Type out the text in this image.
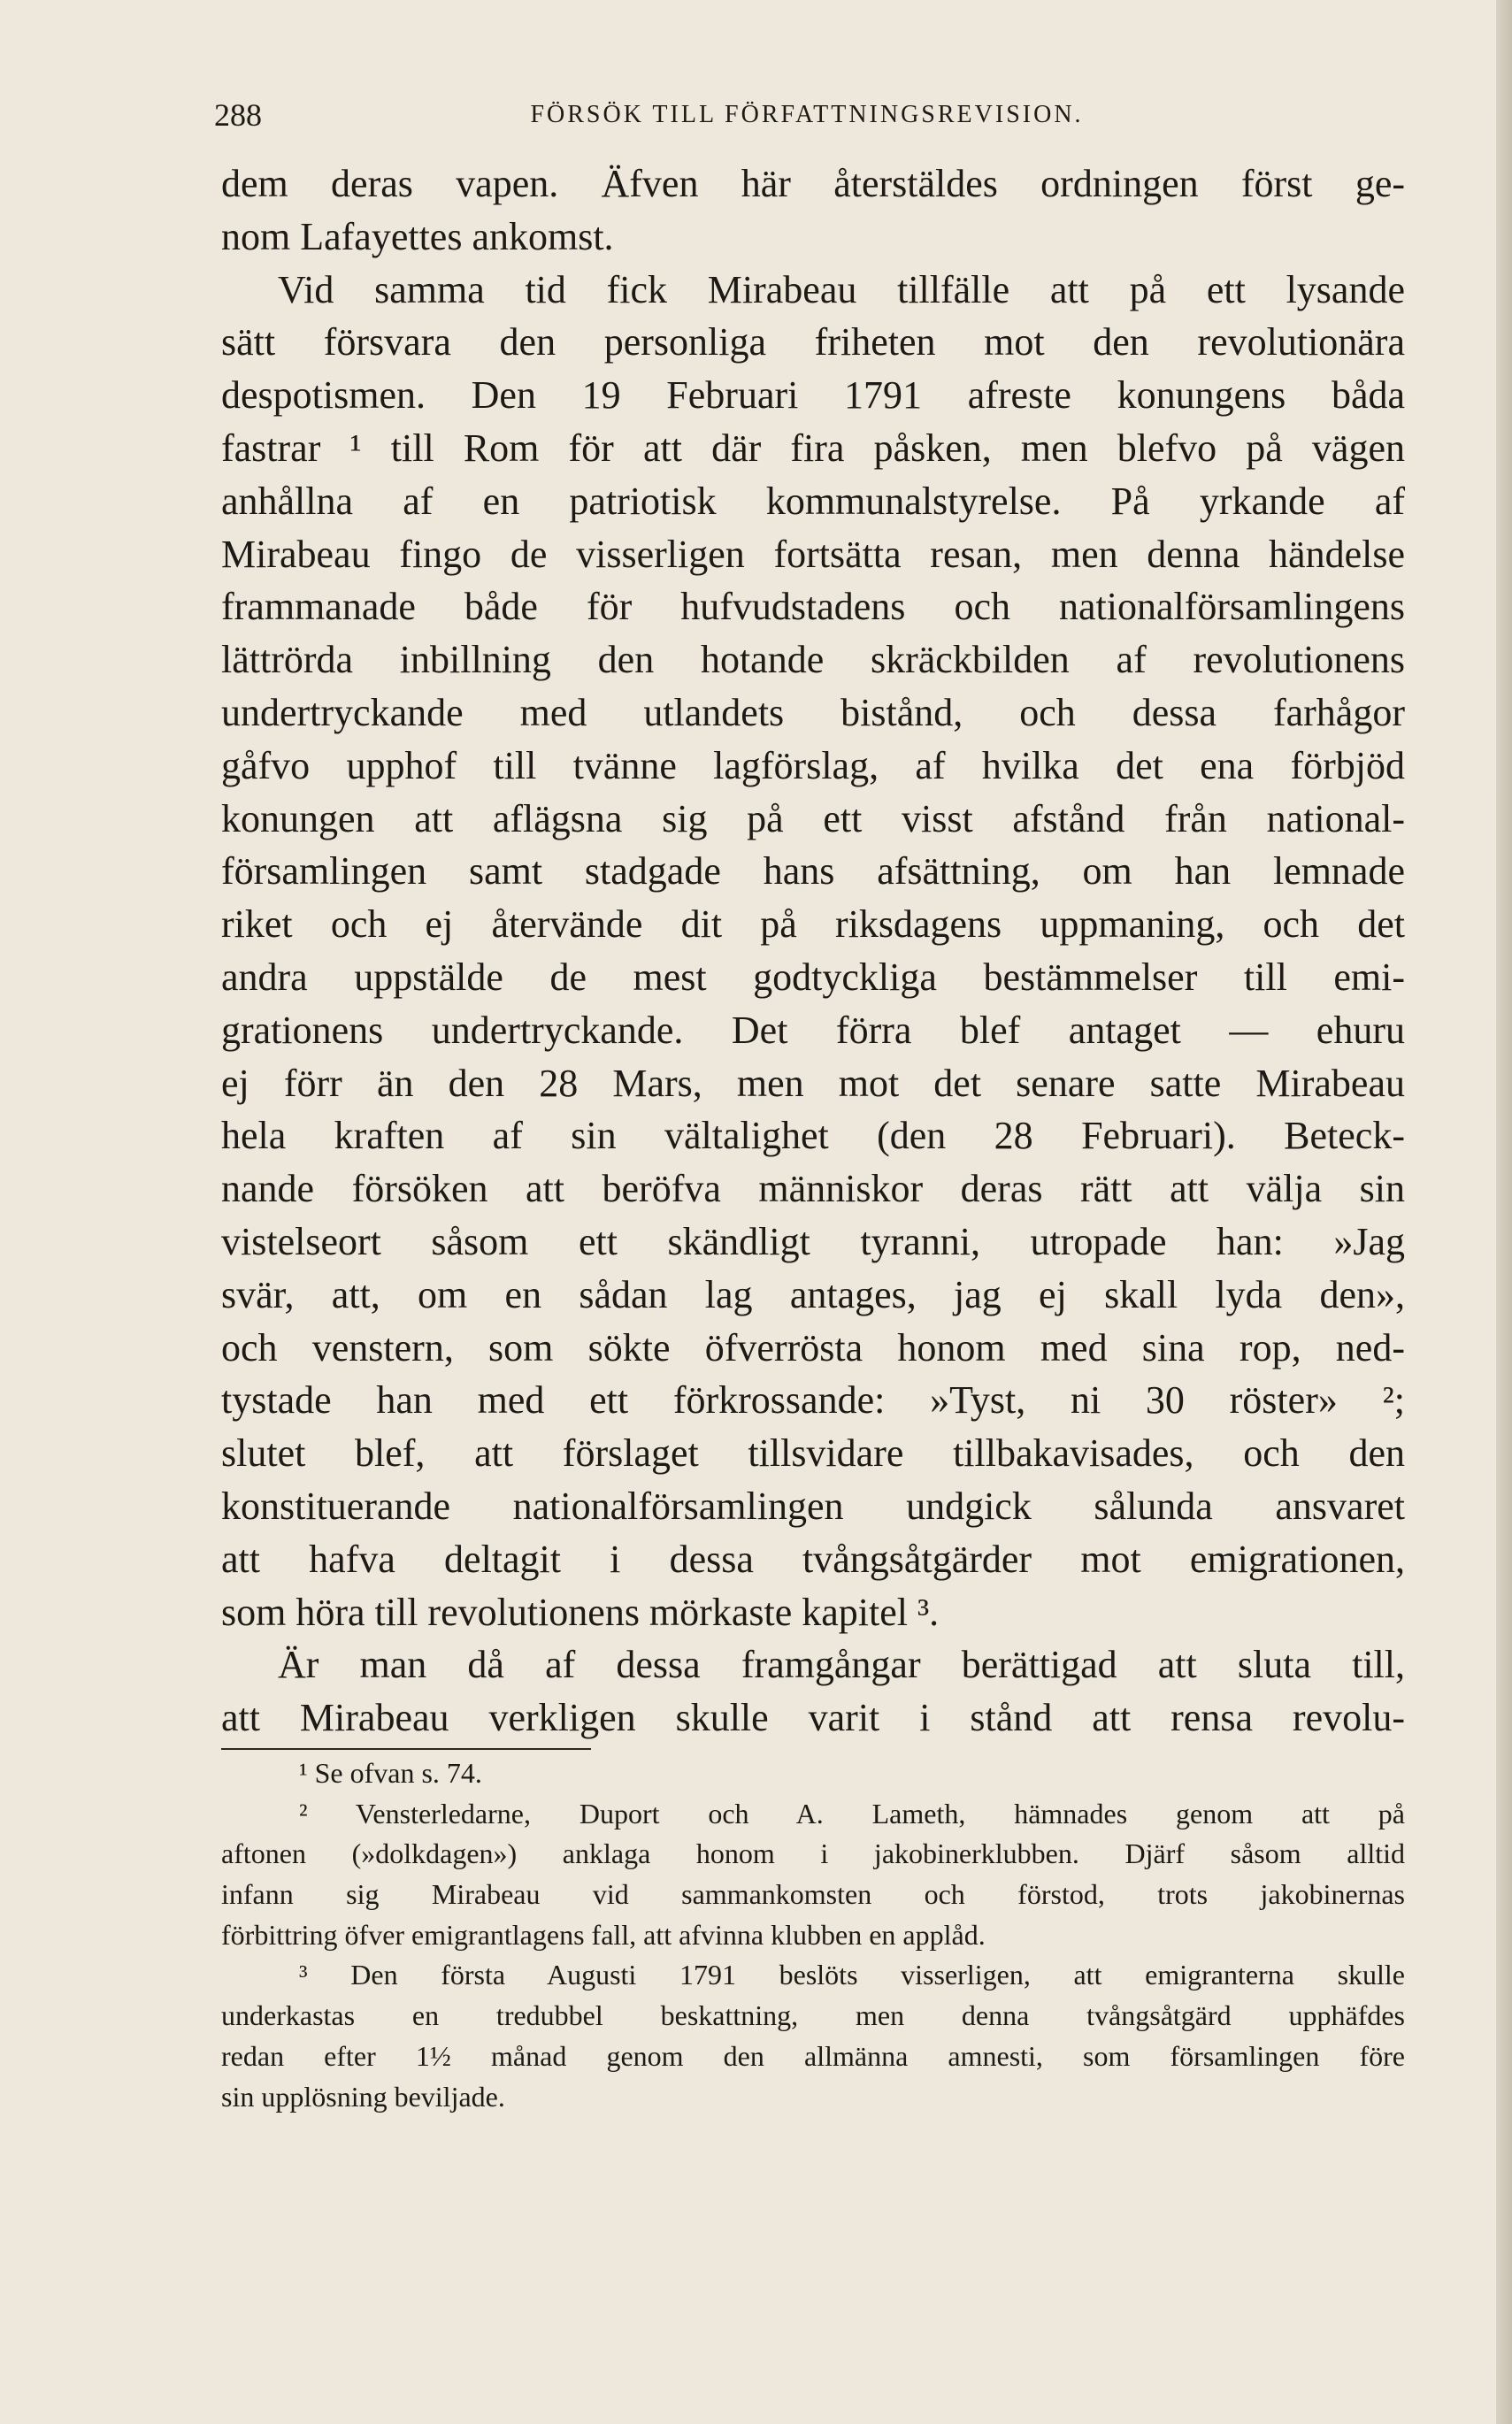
288	FÖRSÖK TILL FÖRFATTNINGSREVISION.
dem deras vapen. Äfven här återstäldes ordningen först ge-
nom Lafayettes ankomst.
Vid samma tid fick Mirabeau tillfälle att på ett lysande
sätt försvara den personliga friheten mot den revolutionära
despotismen. Den 19 Februari 1791 afreste konungens båda
fastrar ¹ till Rom för att där fira påsken, men blefvo på vägen
anhållna af en patriotisk kommunalstyrelse. På yrkande af
Mirabeau fingo de visserligen fortsätta resan, men denna händelse
frammanade både för hufvudstadens och nationalförsamlingens
lättrörda inbillning den hotande skräckbilden af revolutionens
undertryckande med utlandets bistånd, och dessa farhågor
gåfvo upphof till tvänne lagförslag, af hvilka det ena förbjöd
konungen att aflägsna sig på ett visst afstånd från national-
församlingen samt stadgade hans afsättning, om han lemnade
riket och ej återvände dit på riksdagens uppmaning, och det
andra uppstälde de mest godtyckliga bestämmelser till emi-
grationens undertryckande. Det förra blef antaget — ehuru
ej förr än den 28 Mars, men mot det senare satte Mirabeau
hela kraften af sin vältalighet (den 28 Februari). Beteck-
nande försöken att beröfva människor deras rätt att välja sin
vistelseort såsom ett skändligt tyranni, utropade han: »Jag
svär, att, om en sådan lag antages, jag ej skall lyda den»,
och venstern, som sökte öfverrösta honom med sina rop, ned-
tystade han med ett förkrossande: »Tyst, ni 30 röster» ²;
slutet blef, att förslaget tillsvidare tillbakavisades, och den
konstituerande nationalförsamlingen undgick sålunda ansvaret
att hafva deltagit i dessa tvångsåtgärder mot emigrationen,
som höra till revolutionens mörkaste kapitel ³.
Är man då af dessa framgångar berättigad att sluta till,
att Mirabeau verkligen skulle varit i stånd att rensa revolu-
¹ Se ofvan s. 74.
² Vensterledarne, Duport och A. Lameth, hämnades genom att på
aftonen (»dolkdagen») anklaga honom i jakobinerklubben. Djärf såsom alltid
infann sig Mirabeau vid sammankomsten och förstod, trots jakobinernas
förbittring öfver emigrantlagens fall, att afvinna klubben en applåd.
³ Den första Augusti 1791 beslöts visserligen, att emigranterna skulle
underkastas en tredubbel beskattning, men denna tvångsåtgärd upphäfdes
redan efter 1½ månad genom den allmänna amnesti, som församlingen före
sin upplösning beviljade.
